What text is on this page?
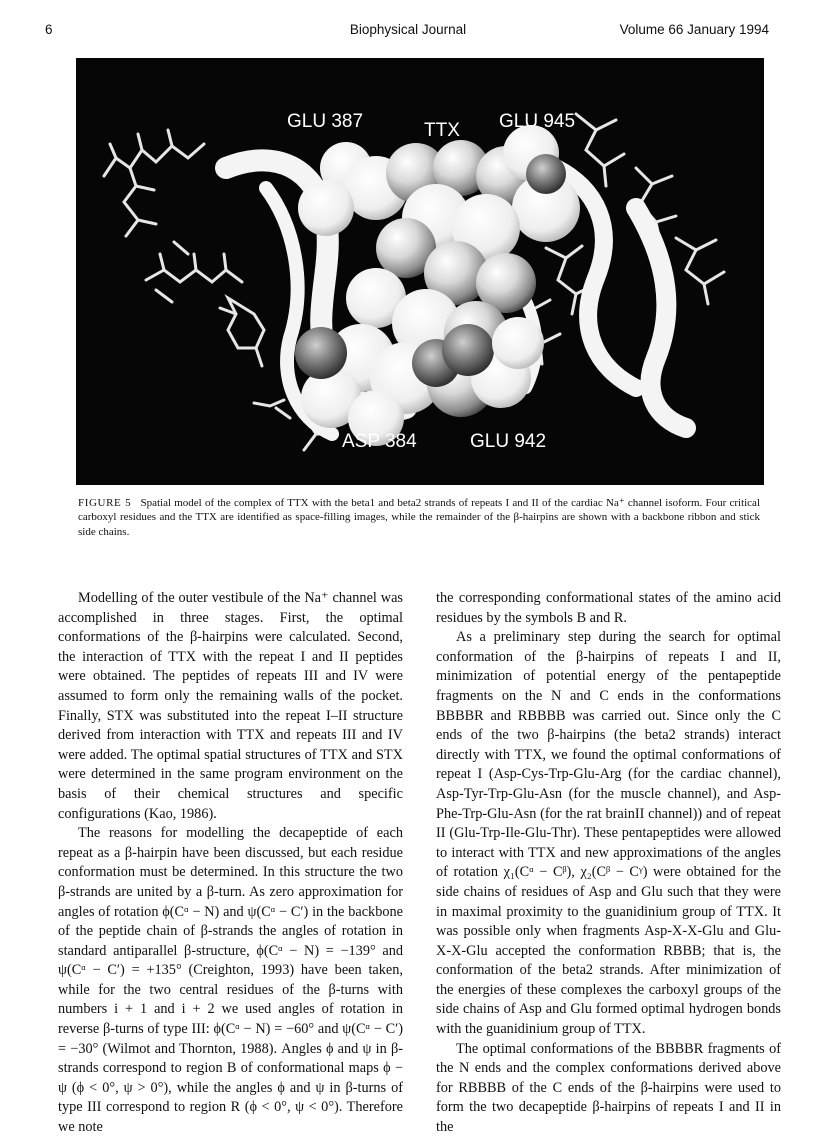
6	Biophysical Journal	Volume 66 January 1994
GLU 387	TTX GLU 945
ASP 384	GLU 942
FIGURE 5 Spatial model of the complex of TTX with the beta1 and beta2 strands of repeats I and II of the cardiac Na⁺ channel isoform. Four critical carboxyl residues and the TTX are identified as space-filling images, while the remainder of the β-hairpins are shown with a backbone ribbon and stick side chains.

Modelling of the outer vestibule of the Na⁺ channel was accomplished in three stages. First, the optimal conformations of the β-hairpins were calculated. Second, the interaction of TTX with the repeat I and II peptides were obtained. The peptides of repeats III and IV were assumed to form only the remaining walls of the pocket. Finally, STX was substituted into the repeat I–II structure derived from interaction with TTX and repeats III and IV were added. The optimal spatial structures of TTX and STX were determined in the same program environment on the basis of their chemical structures and specific configurations (Kao, 1986).

The reasons for modelling the decapeptide of each repeat as a β-hairpin have been discussed, but each residue conformation must be determined. In this structure the two β-strands are united by a β-turn. As zero approximation for angles of rotation ϕ(Cᵅ − N) and ψ(Cᵅ − C′) in the backbone of the peptide chain of β-strands the angles of rotation in standard antiparallel β-structure, ϕ(Cᵅ − N) = −139° and ψ(Cᵅ − C′) = +135° (Creighton, 1993) have been taken, while for the two central residues of the β-turns with numbers i + 1 and i + 2 we used angles of rotation in reverse β-turns of type III: ϕ(Cᵅ − N) = −60° and ψ(Cᵅ − C′) = −30° (Wilmot and Thornton, 1988). Angles ϕ and ψ in β-strands correspond to region B of conformational maps ϕ − ψ (ϕ < 0°, ψ > 0°), while the angles ϕ and ψ in β-turns of type III correspond to region R (ϕ < 0°, ψ < 0°). Therefore we note

the corresponding conformational states of the amino acid residues by the symbols B and R.

As a preliminary step during the search for optimal conformation of the β-hairpins of repeats I and II, minimization of potential energy of the pentapeptide fragments on the N and C ends in the conformations BBBBR and RBBBB was carried out. Since only the C ends of the two β-hairpins (the beta2 strands) interact directly with TTX, we found the optimal conformations of repeat I (Asp-Cys-Trp-Glu-Arg (for the cardiac channel), Asp-Tyr-Trp-Glu-Asn (for the muscle channel), and Asp-Phe-Trp-Glu-Asn (for the rat brainII channel)) and of repeat II (Glu-Trp-Ile-Glu-Thr). These pentapeptides were allowed to interact with TTX and new approximations of the angles of rotation χ₁(Cᵅ − Cᵝ), χ₂(Cᵝ − Cᵞ) were obtained for the side chains of residues of Asp and Glu such that they were in maximal proximity to the guanidinium group of TTX. It was possible only when fragments Asp-X-X-Glu and Glu-X-X-Glu accepted the conformation RBBB; that is, the conformation of the beta2 strands. After minimization of the energies of these complexes the carboxyl groups of the side chains of Asp and Glu formed optimal hydrogen bonds with the guanidinium group of TTX.

The optimal conformations of the BBBBR fragments of the N ends and the complex conformations derived above for RBBBB of the C ends of the β-hairpins were used to form the two decapeptide β-hairpins of repeats I and II in the
